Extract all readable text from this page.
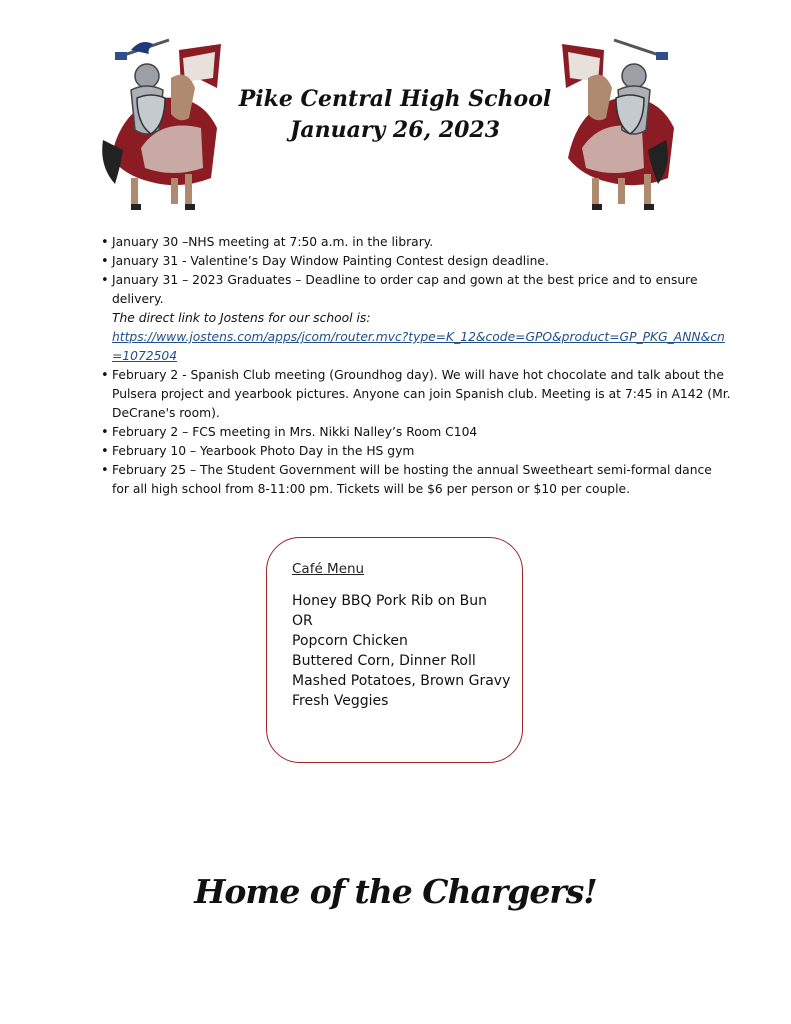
Pike Central High School
January 26, 2023
• January 30 –NHS meeting at 7:50 a.m. in the library.
• January 31 - Valentine’s Day Window Painting Contest design deadline.
• January 31 – 2023 Graduates – Deadline to order cap and gown at the best price and to ensure delivery.
The direct link to Jostens for our school is:
https://www.jostens.com/apps/jcom/router.mvc?type=K_12&code=GPO&product=GP_PKG_ANN&cn=1072504
• February 2 - Spanish Club meeting (Groundhog day). We will have hot chocolate and talk about the Pulsera project and yearbook pictures. Anyone can join Spanish club. Meeting is at 7:45 in A142 (Mr. DeCrane's room).
• February 2 – FCS meeting in Mrs. Nikki Nalley’s Room C104
• February 10 – Yearbook Photo Day in the HS gym
• February 25 – The Student Government will be hosting the annual Sweetheart semi-formal dance for all high school from 8-11:00 pm. Tickets will be $6 per person or $10 per couple.
Café Menu
Honey BBQ Pork Rib on Bun
OR
Popcorn Chicken
Buttered Corn, Dinner Roll
Mashed Potatoes, Brown Gravy
Fresh Veggies
Home of the Chargers!
